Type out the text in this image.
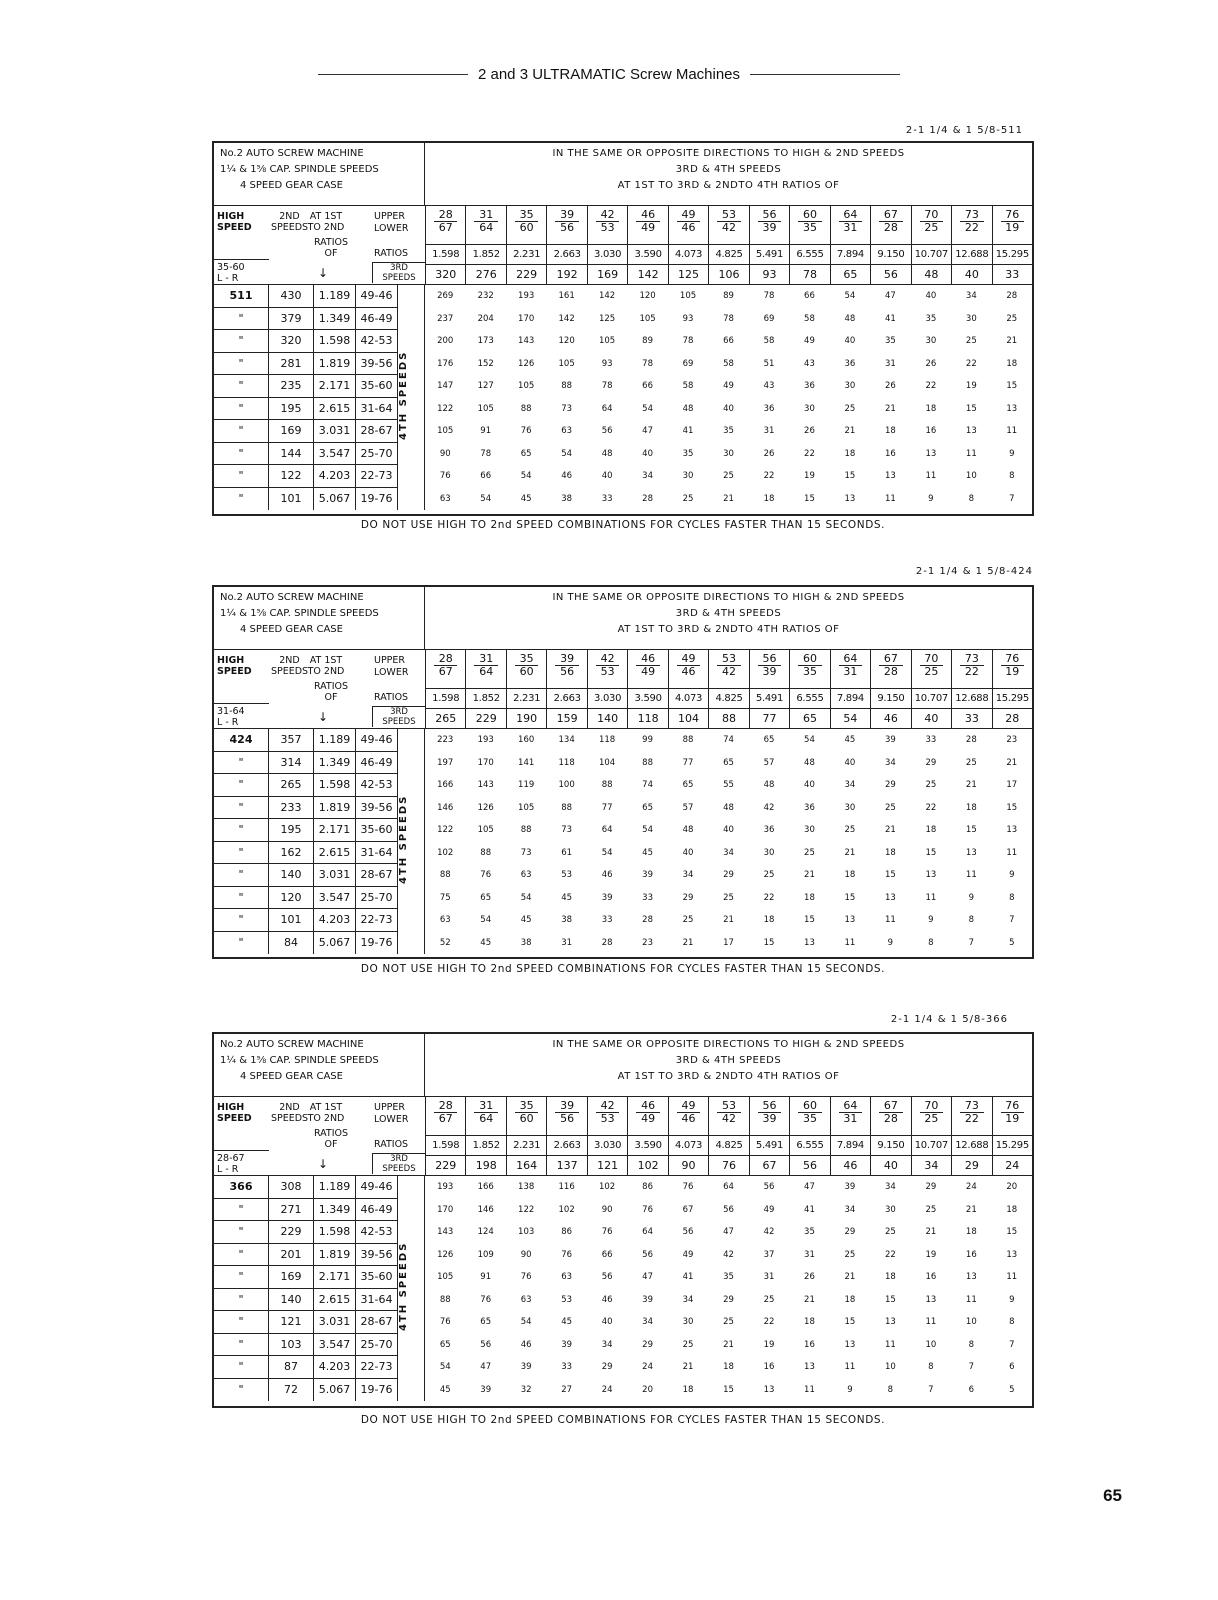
2 and 3 ULTRAMATIC Screw Machines
2-1 1/4 & 1 5/8-511
No.2 AUTO SCREW MACHINE
1¼ & 1⅝ CAP. SPINDLE SPEEDS
4 SPEED GEAR CASE
IN THE SAME OR OPPOSITE DIRECTIONS TO HIGH & 2ND SPEEDS
3RD & 4TH SPEEDS
AT 1ST TO 3RD & 2NDTO 4TH RATIOS OF
HIGH SPEED
2ND SPEEDS
AT 1ST TO 2ND
RATIOS OF
UPPER
LOWER
RATIOS
35-60
L - R	↓	3RD SPEEDS
$\frac{28}{67} \frac{31}{64} \frac{35}{60} \frac{39}{56} \frac{42}{53} \frac{46}{49} \frac{49}{46} \frac{53}{42} \frac{56}{39} \frac{60}{35} \frac{64}{31} \frac{67}{28} \frac{70}{25} \frac{73}{22} \frac{76}{19}$
1.598	1.852	2.231	2.663	3.030	3.590	4.073	4.825	5.491	6.555	7.894	9.150	10.707 12.688 15.295
320	276	229	192	169	142	125	106	93	78	65	56	48	40	33
511	430	1.189 49-46	269	232	193	161	142	120	105	89	78	66	54	47	40	34	28
"	379	1.349 46-49	237	204	170	142	125	105	93	78	69	58	48	41	35	30	25
"	320	1.598 42-53	200	173	143	120	105	89	78	66	58	49	40	35	30	25	21
"	281	1.819 39-56	176	152	126	105	93	78	69	58	51	43	36	31	26	22	18
"	235	2.171 35-60	147	127	105	88	78	66	58	49	43	36	30	26	22	19	15
"	195	2.615 31-64	122	105	88	73	64	54	48	40	36	30	25	21	18	15	13
"	169	3.031 28-67	105	91	76	63	56	47	41	35	31	26	21	18	16	13	11
"	144	3.547 25-70	90	78	65	54	48	40	35	30	26	22	18	16	13	11	9
"	122	4.203 22-73	76	66	54	46	40	34	30	25	22	19	15	13	11	10	8
"	101	5.067 19-76	63	54	45	38	33	28	25	21	18	15	13	11	9	8	7
4TH SPEEDS
DO NOT USE HIGH TO 2nd SPEED COMBINATIONS FOR CYCLES FASTER THAN 15 SECONDS.
2-1 1/4 & 1 5/8-424
No.2 AUTO SCREW MACHINE
1¼ & 1⅝ CAP. SPINDLE SPEEDS
4 SPEED GEAR CASE
IN THE SAME OR OPPOSITE DIRECTIONS TO HIGH & 2ND SPEEDS
3RD & 4TH SPEEDS
AT 1ST TO 3RD & 2NDTO 4TH RATIOS OF
HIGH SPEED
2ND SPEEDS
AT 1ST TO 2ND
RATIOS OF
UPPER
LOWER
RATIOS
31-64
L - R	↓	3RD SPEEDS
$\frac{28}{67} \frac{31}{64} \frac{35}{60} \frac{39}{56} \frac{42}{53} \frac{46}{49} \frac{49}{46} \frac{53}{42} \frac{56}{39} \frac{60}{35} \frac{64}{31} \frac{67}{28} \frac{70}{25} \frac{73}{22} \frac{76}{19}$
1.598	1.852	2.231	2.663	3.030	3.590	4.073	4.825	5.491	6.555	7.894	9.150	10.707 12.688 15.295
265	229	190	159	140	118	104	88	77	65	54	46	40	33	28
424	357	1.189 49-46	223	193	160	134	118	99	88	74	65	54	45	39	33	28	23
"	314	1.349 46-49	197	170	141	118	104	88	77	65	57	48	40	34	29	25	21
"	265	1.598 42-53	166	143	119	100	88	74	65	55	48	40	34	29	25	21	17
"	233	1.819 39-56	146	126	105	88	77	65	57	48	42	36	30	25	22	18	15
"	195	2.171 35-60	122	105	88	73	64	54	48	40	36	30	25	21	18	15	13
"	162	2.615 31-64	102	88	73	61	54	45	40	34	30	25	21	18	15	13	11
"	140	3.031 28-67	88	76	63	53	46	39	34	29	25	21	18	15	13	11	9
"	120	3.547 25-70	75	65	54	45	39	33	29	25	22	18	15	13	11	9	8
"	101	4.203 22-73	63	54	45	38	33	28	25	21	18	15	13	11	9	8	7
"	84	5.067 19-76	52	45	38	31	28	23	21	17	15	13	11	9	8	7	5
4TH SPEEDS
DO NOT USE HIGH TO 2nd SPEED COMBINATIONS FOR CYCLES FASTER THAN 15 SECONDS.
2-1 1/4 & 1 5/8-366
No.2 AUTO SCREW MACHINE
1¼ & 1⅝ CAP. SPINDLE SPEEDS
4 SPEED GEAR CASE
IN THE SAME OR OPPOSITE DIRECTIONS TO HIGH & 2ND SPEEDS
3RD & 4TH SPEEDS
AT 1ST TO 3RD & 2NDTO 4TH RATIOS OF
HIGH SPEED
2ND SPEEDS
AT 1ST TO 2ND
RATIOS OF
UPPER
LOWER
RATIOS
28-67
L - R	↓	3RD SPEEDS
$\frac{28}{67} \frac{31}{64} \frac{35}{60} \frac{39}{56} \frac{42}{53} \frac{46}{49} \frac{49}{46} \frac{53}{42} \frac{56}{39} \frac{60}{35} \frac{64}{31} \frac{67}{28} \frac{70}{25} \frac{73}{22} \frac{76}{19}$
1.598	1.852	2.231	2.663	3.030	3.590	4.073	4.825	5.491	6.555	7.894	9.150	10.707 12.688 15.295
229	198	164	137	121	102	90	76	67	56	46	40	34	29	24
366	308	1.189 49-46	193	166	138	116	102	86	76	64	56	47	39	34	29	24	20
"	271	1.349 46-49	170	146	122	102	90	76	67	56	49	41	34	30	25	21	18
"	229	1.598 42-53	143	124	103	86	76	64	56	47	42	35	29	25	21	18	15
"	201	1.819 39-56	126	109	90	76	66	56	49	42	37	31	25	22	19	16	13
"	169	2.171 35-60	105	91	76	63	56	47	41	35	31	26	21	18	16	13	11
"	140	2.615 31-64	88	76	63	53	46	39	34	29	25	21	18	15	13	11	9
"	121	3.031 28-67	76	65	54	45	40	34	30	25	22	18	15	13	11	10	8
"	103	3.547 25-70	65	56	46	39	34	29	25	21	19	16	13	11	10	8	7
"	87	4.203 22-73	54	47	39	33	29	24	21	18	16	13	11	10	8	7	6
"	72	5.067 19-76	45	39	32	27	24	20	18	15	13	11	9	8	7	6	5
4TH SPEEDS
DO NOT USE HIGH TO 2nd SPEED COMBINATIONS FOR CYCLES FASTER THAN 15 SECONDS.
65
